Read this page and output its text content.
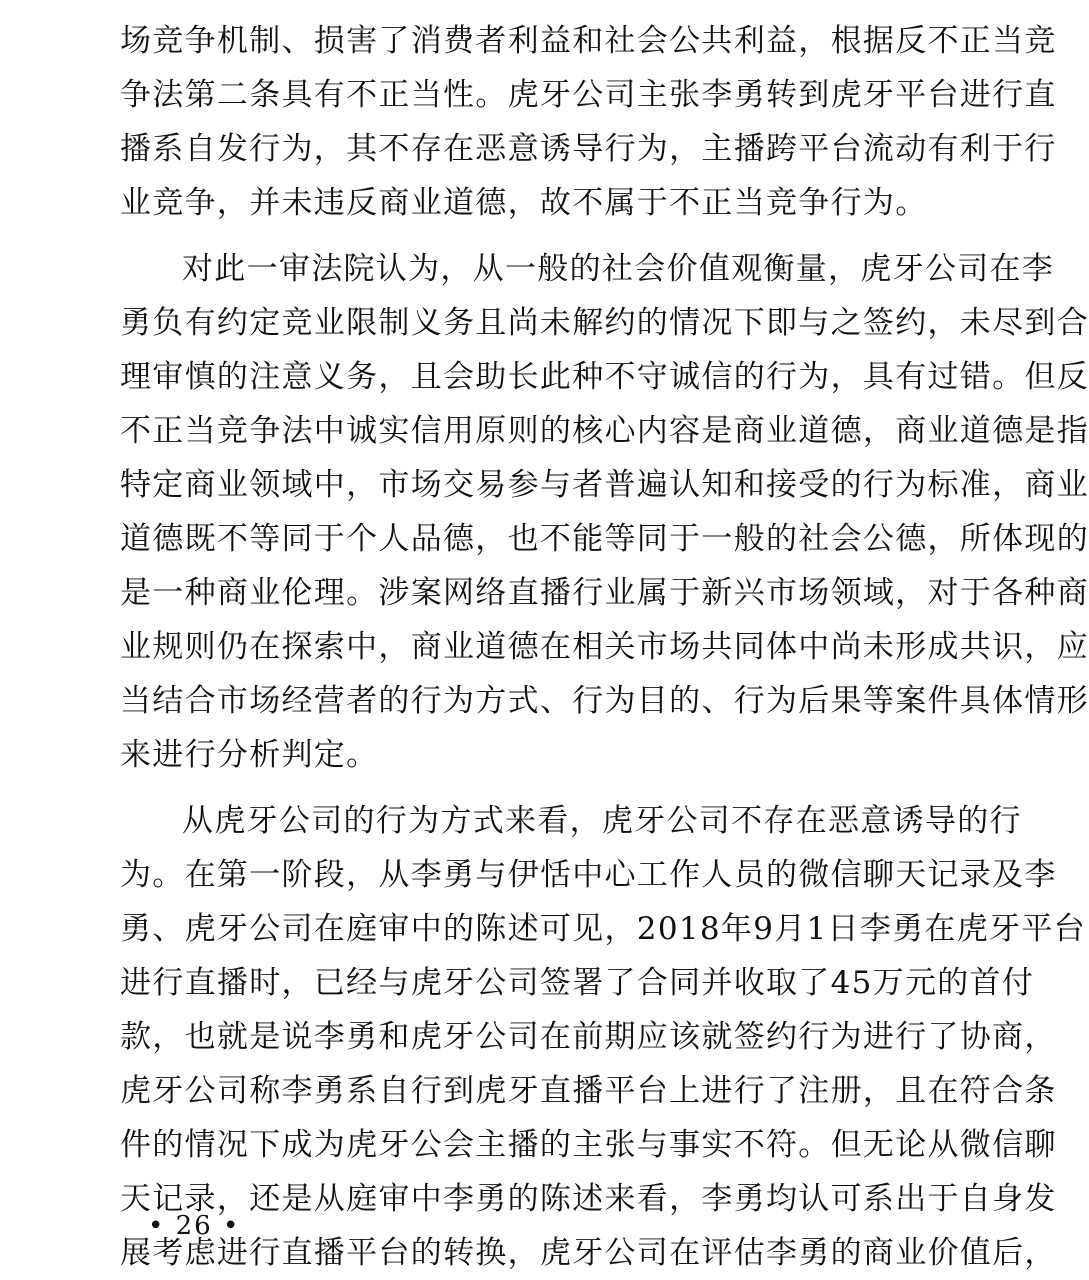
场竞争机制、损害了消费者利益和社会公共利益，根据反不正当竞
争法第二条具有不正当性。虎牙公司主张李勇转到虎牙平台进行直
播系自发行为，其不存在恶意诱导行为，主播跨平台流动有利于行
业竞争，并未违反商业道德，故不属于不正当竞争行为。
对此一审法院认为，从一般的社会价值观衡量，虎牙公司在李
勇负有约定竞业限制义务且尚未解约的情况下即与之签约，未尽到合
理审慎的注意义务，且会助长此种不守诚信的行为，具有过错。但反
不正当竞争法中诚实信用原则的核心内容是商业道德，商业道德是指
特定商业领域中，市场交易参与者普遍认知和接受的行为标准，商业
道德既不等同于个人品德，也不能等同于一般的社会公德，所体现的
是一种商业伦理。涉案网络直播行业属于新兴市场领域，对于各种商
业规则仍在探索中，商业道德在相关市场共同体中尚未形成共识，应
当结合市场经营者的行为方式、行为目的、行为后果等案件具体情形
来进行分析判定。
从虎牙公司的行为方式来看，虎牙公司不存在恶意诱导的行
为。在第一阶段，从李勇与伊恬中心工作人员的微信聊天记录及李
勇、虎牙公司在庭审中的陈述可见，2018年9月1日李勇在虎牙平台
进行直播时，已经与虎牙公司签署了合同并收取了45万元的首付
款，也就是说李勇和虎牙公司在前期应该就签约行为进行了协商，
虎牙公司称李勇系自行到虎牙直播平台上进行了注册，且在符合条
件的情况下成为虎牙公会主播的主张与事实不符。但无论从微信聊
天记录，还是从庭审中李勇的陈述来看，李勇均认可系出于自身发
展考虑进行直播平台的转换，虎牙公司在评估李勇的商业价值后，
• 26 •
